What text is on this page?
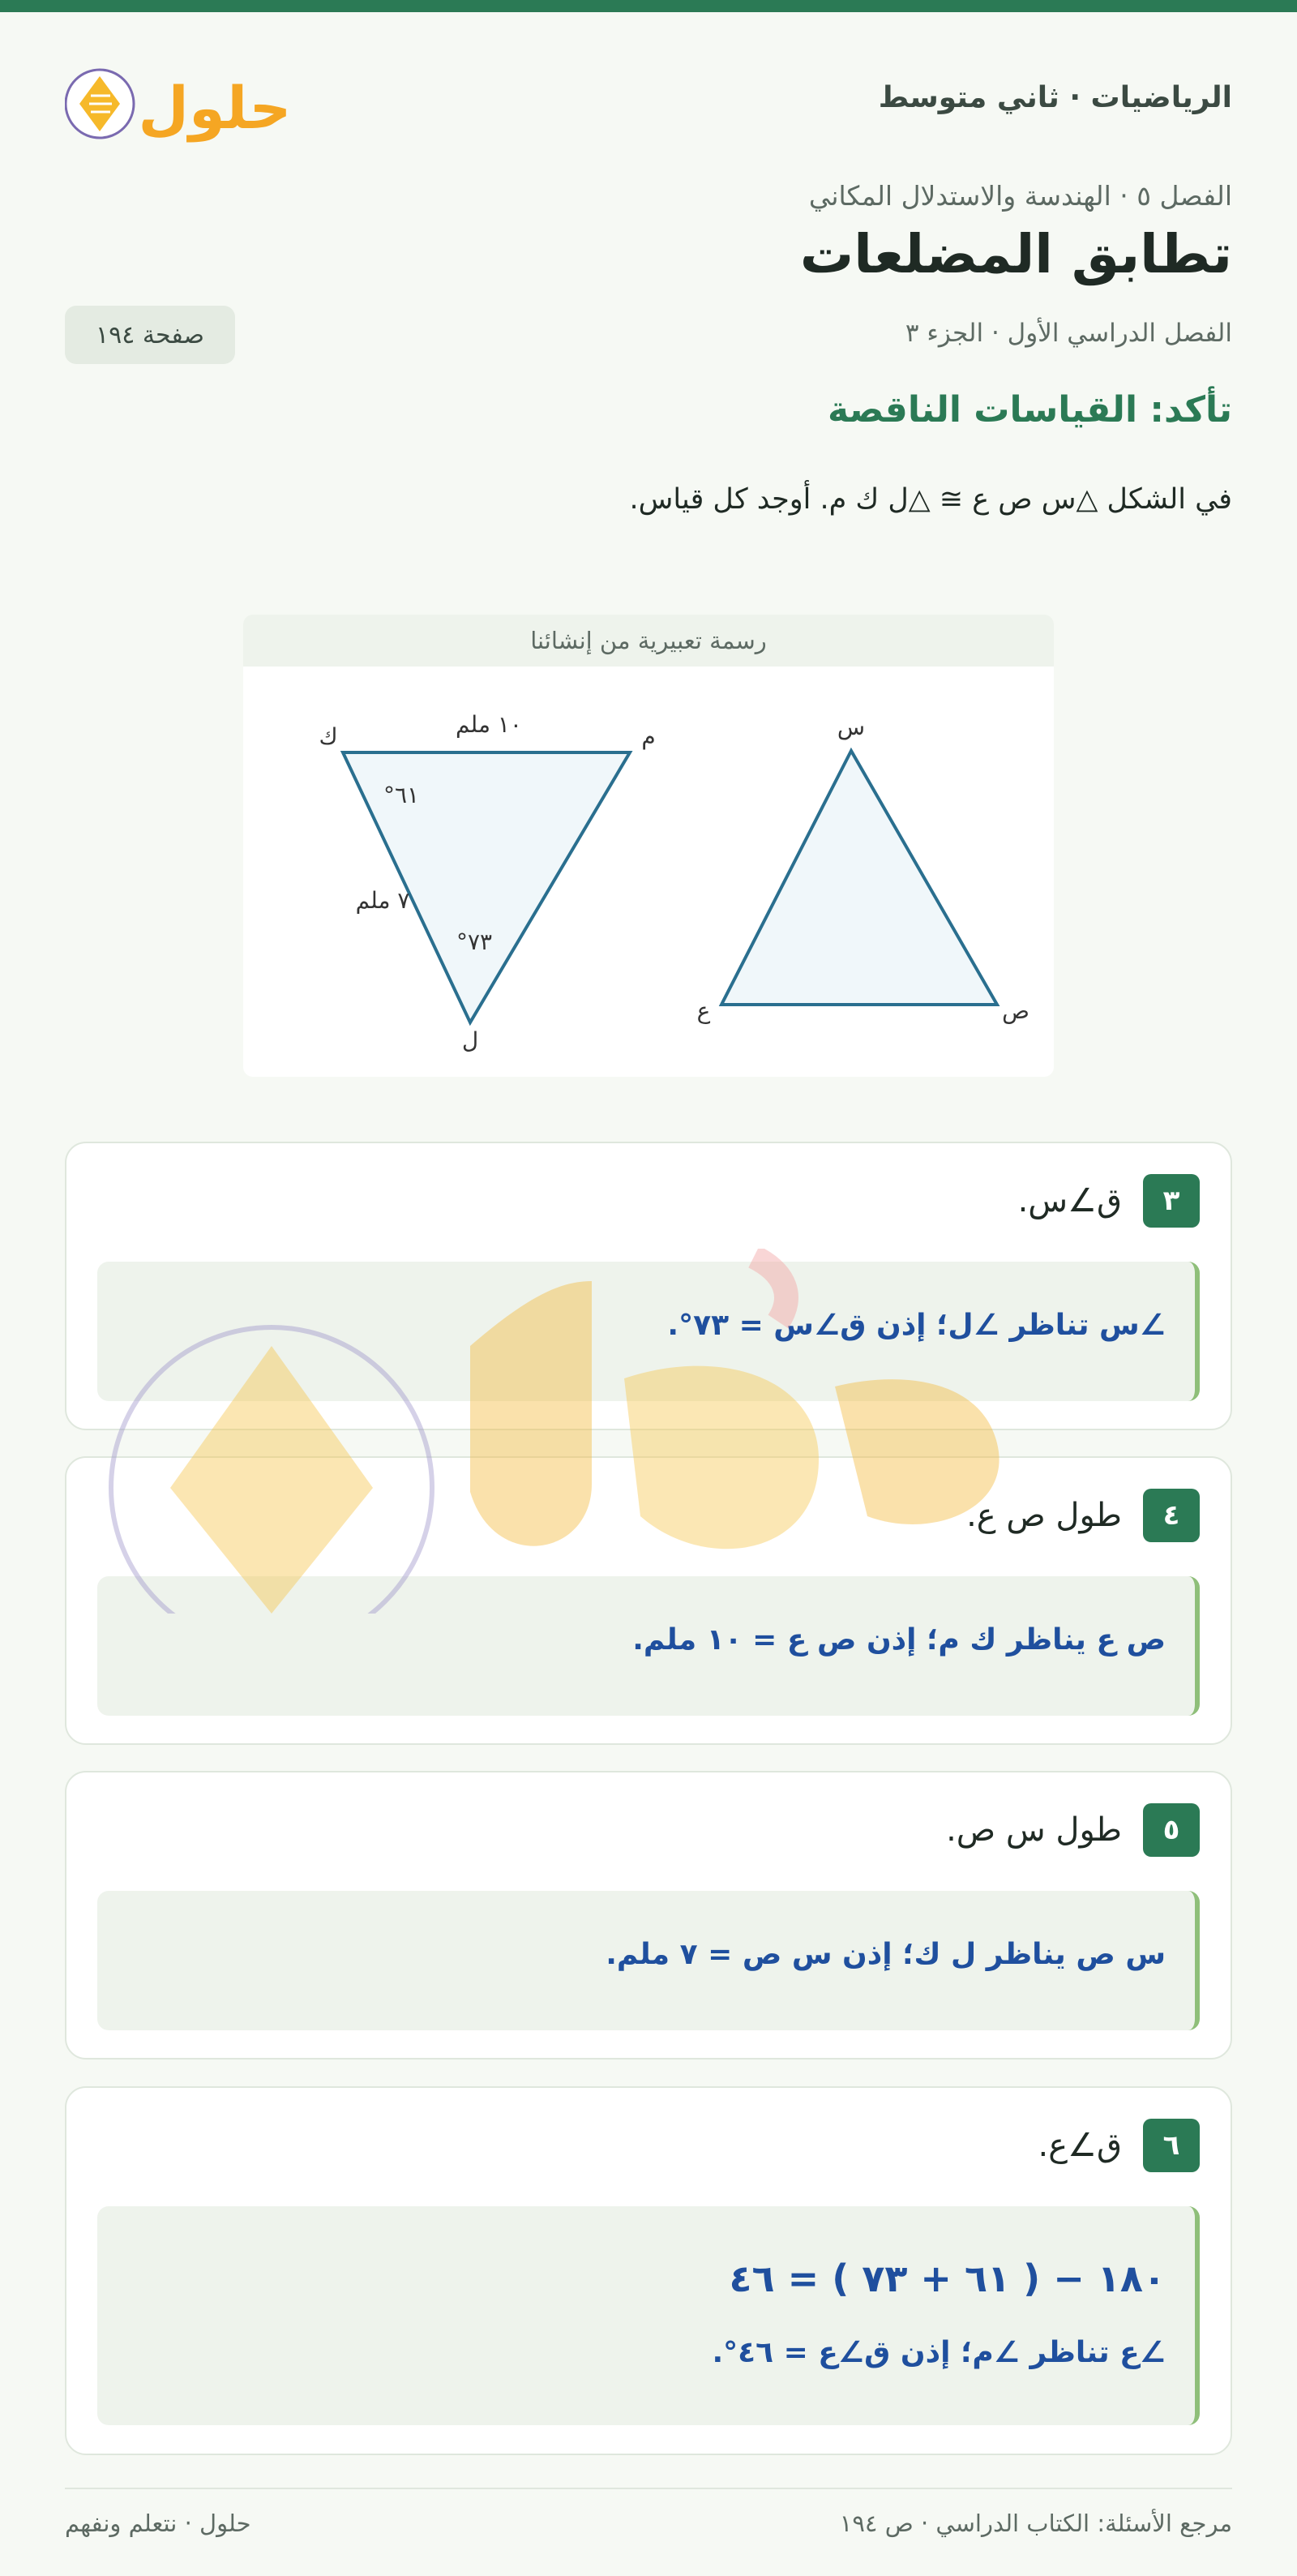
الرياضيات · ثاني متوسط
حلول
الفصل ٥ · الهندسة والاستدلال المكاني
تطابق المضلعات
الفصل الدراسي الأول · الجزء ٣
صفحة ١٩٤
تأكد: القياسات الناقصة
في الشكل △س ص ع ≌ △ل ك م. أوجد كل قياس.
رسمة تعبيرية من إنشائنا
ك	م
ل
١٠ ملم
٧ ملم
٦١°
٧٣°
س
ع	ص
٣
ق∠س.
∠س تناظر ∠ل؛ إذن ق∠س = ٧٣°.
٤
طول ص ع.
ص ع يناظر ك م؛ إذن ص ع = ١٠ ملم.
٥
طول س ص.
س ص يناظر ل ك؛ إذن س ص = ٧ ملم.
٦
ق∠ع.
١٨٠ − ( ٦١ + ٧٣ ) = ٤٦
∠ع تناظر ∠م؛ إذن ق∠ع = ٤٦°.
مرجع الأسئلة: الكتاب الدراسي · ص ١٩٤
حلول · نتعلم ونفهم
